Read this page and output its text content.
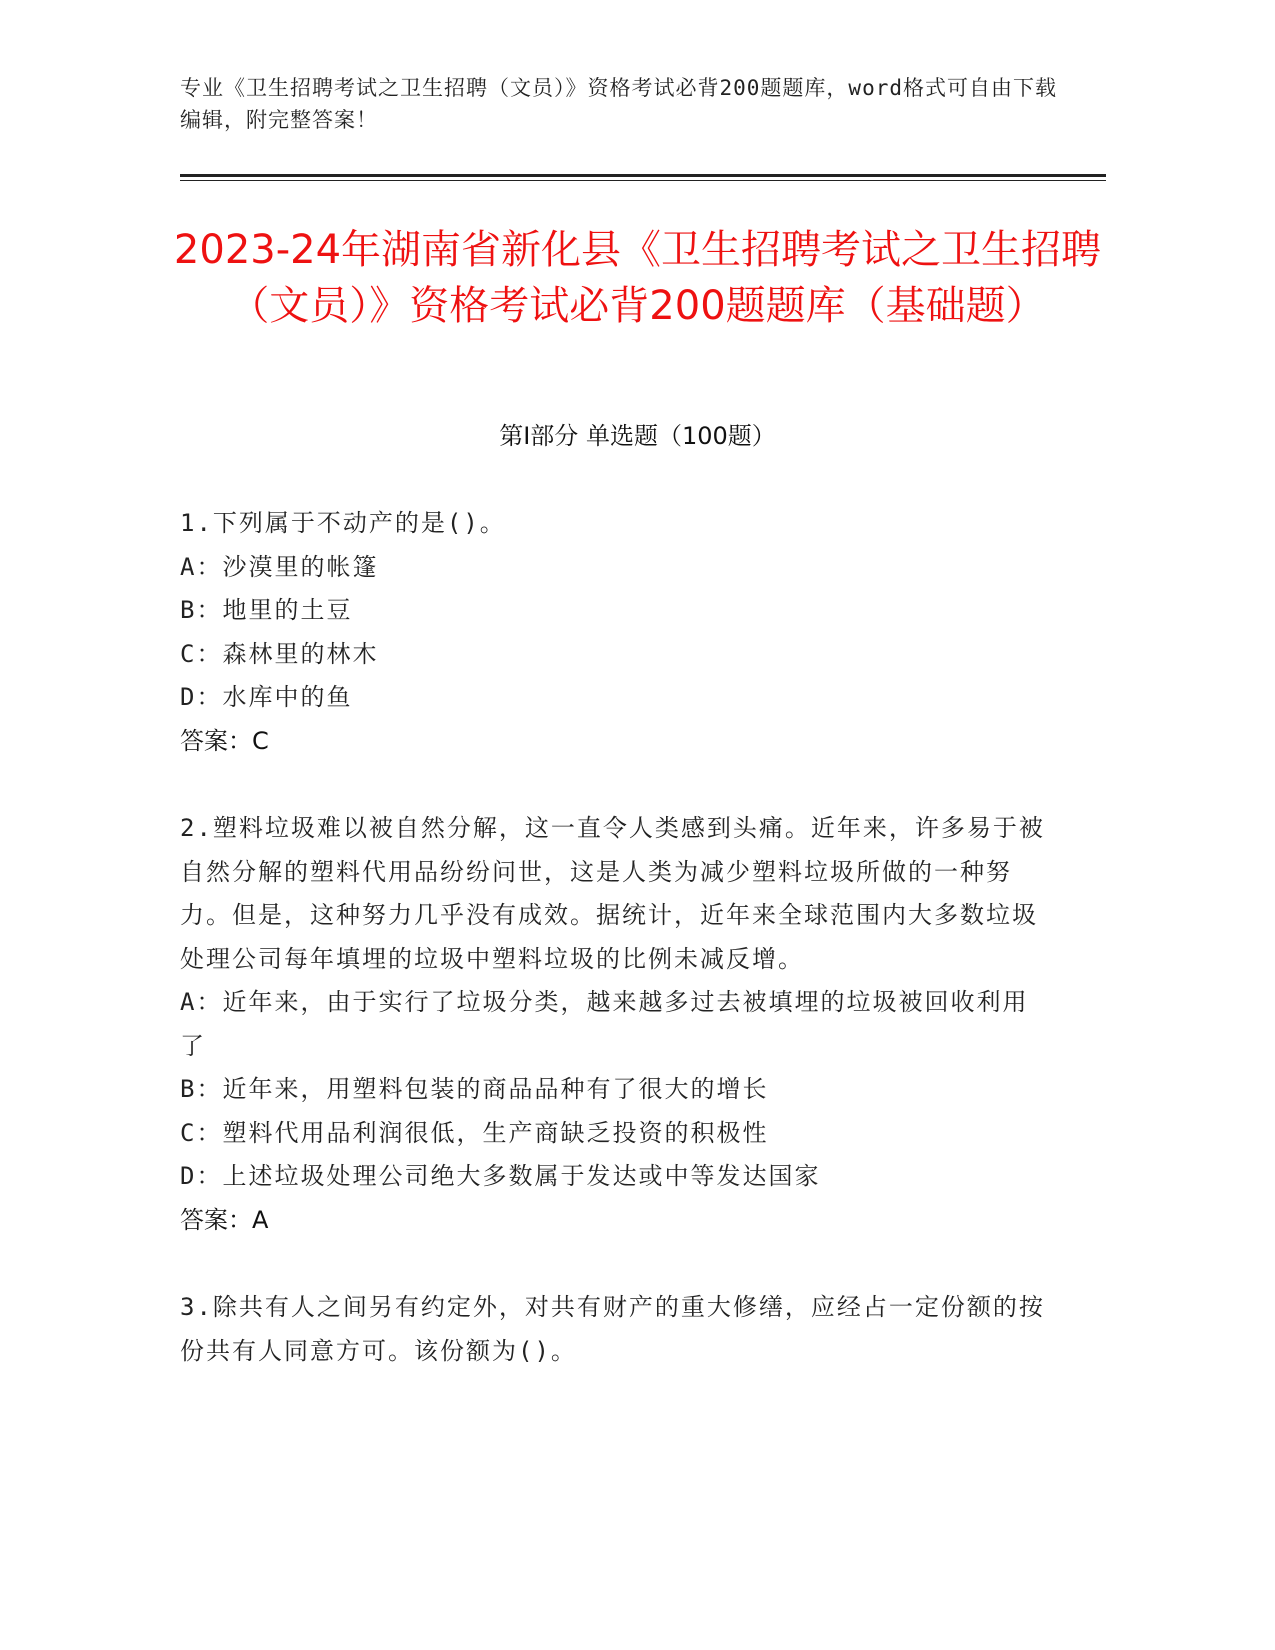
专业《卫生招聘考试之卫生招聘（文员）》资格考试必背200题题库，word格式可自由下载编辑，附完整答案！
2023-24年湖南省新化县《卫生招聘考试之卫生招聘（文员）》资格考试必背200题题库（基础题）
第I部分 单选题（100题）
1.下列属于不动产的是()。
A：沙漠里的帐篷
B：地里的土豆
C：森林里的林木
D：水库中的鱼
答案：C
2.塑料垃圾难以被自然分解，这一直令人类感到头痛。近年来，许多易于被自然分解的塑料代用品纷纷问世，这是人类为减少塑料垃圾所做的一种努力。但是，这种努力几乎没有成效。据统计，近年来全球范围内大多数垃圾处理公司每年填埋的垃圾中塑料垃圾的比例未减反增。
A：近年来，由于实行了垃圾分类，越来越多过去被填埋的垃圾被回收利用了
B：近年来，用塑料包装的商品品种有了很大的增长
C：塑料代用品利润很低，生产商缺乏投资的积极性
D：上述垃圾处理公司绝大多数属于发达或中等发达国家
答案：A
3.除共有人之间另有约定外，对共有财产的重大修缮，应经占一定份额的按份共有人同意方可。该份额为()。
